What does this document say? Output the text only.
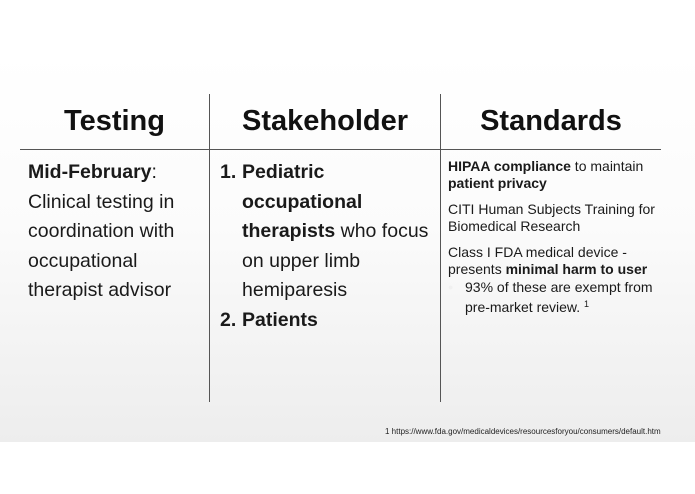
Testing	Stakeholder	Standards
Mid-February: Clinical testing in coordination with occupational therapist advisor
1. Pediatric occupational therapists who focus on upper limb hemiparesis
2. Patients
HIPAA compliance to maintain patient privacy
CITI Human Subjects Training for Biomedical Research
Class I FDA medical device - presents minimal harm to user
● 93% of these are exempt from pre-market review. $^1$
1 https://www.fda.gov/medicaldevices/resourcesforyou/consumers/default.htm
